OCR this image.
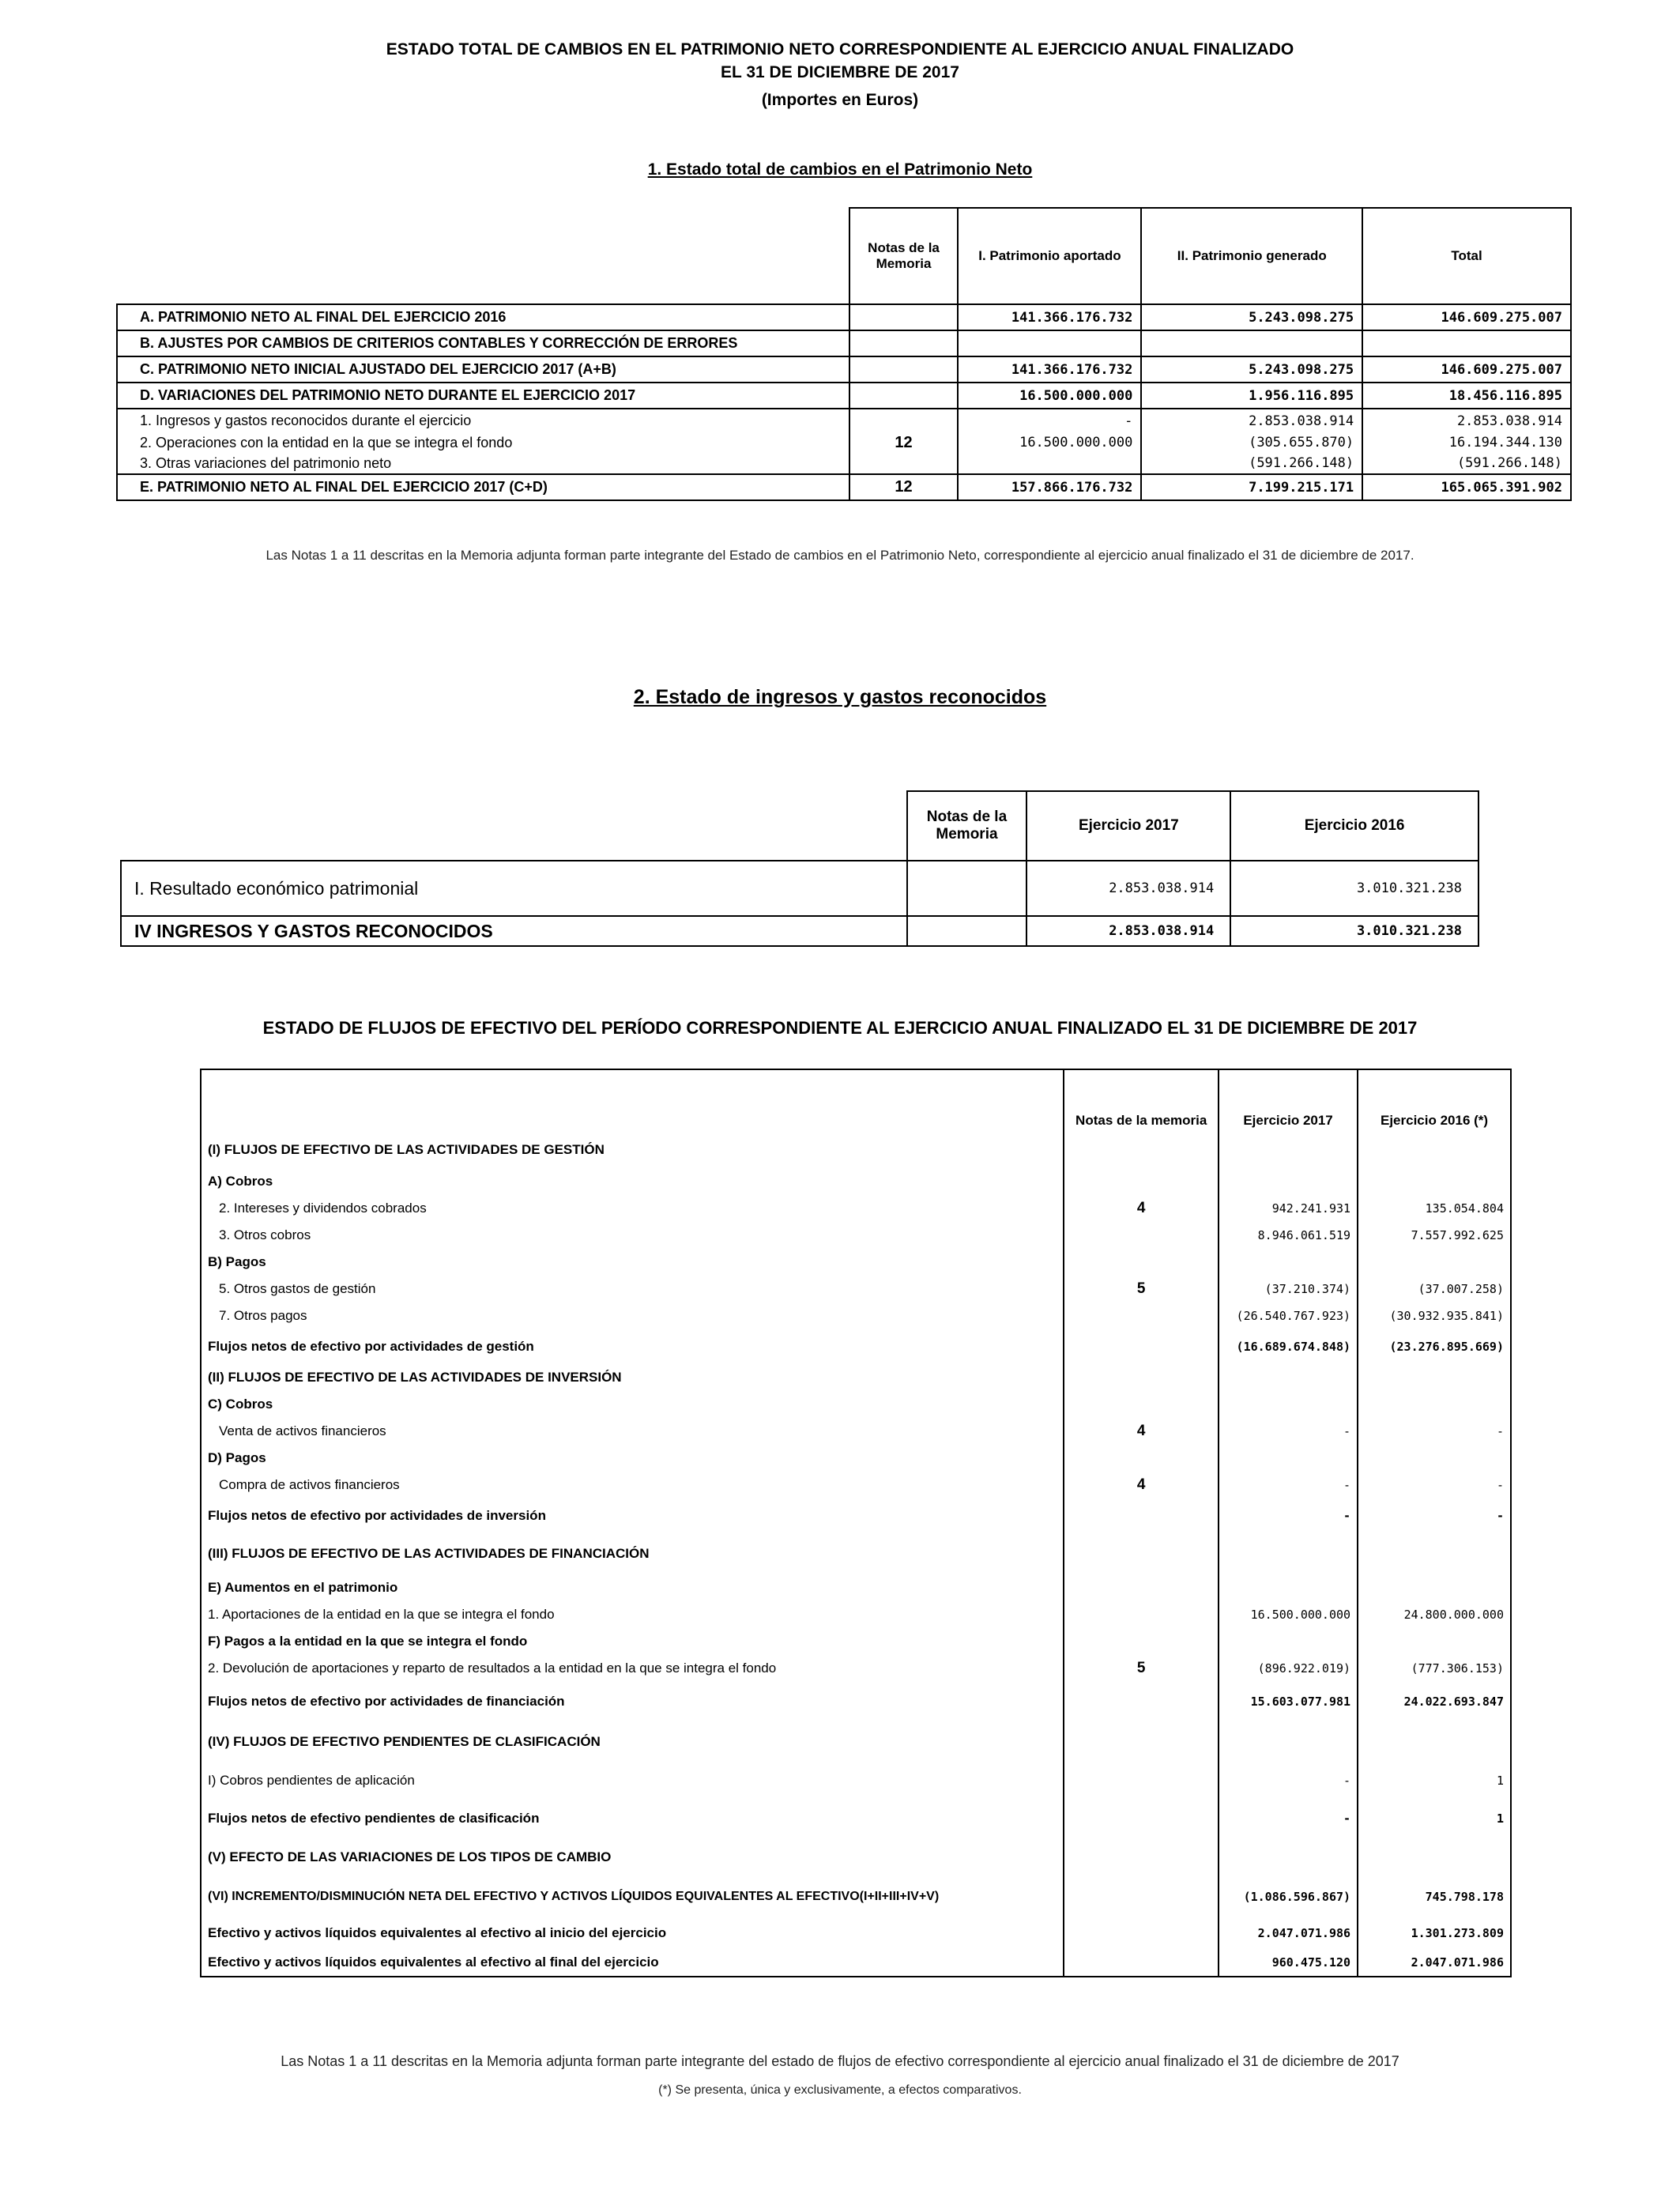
ESTADO TOTAL DE CAMBIOS EN EL PATRIMONIO NETO CORRESPONDIENTE AL EJERCICIO ANUAL FINALIZADO
EL 31 DE DICIEMBRE DE 2017
(Importes en Euros)
1. Estado total de cambios en el Patrimonio Neto
	Notas de la Memoria	I. Patrimonio aportado	II. Patrimonio generado	Total
A. PATRIMONIO NETO AL FINAL DEL EJERCICIO 2016		141.366.176.732	5.243.098.275	146.609.275.007
B. AJUSTES POR CAMBIOS DE CRITERIOS CONTABLES Y CORRECCIÓN DE ERRORES				
C. PATRIMONIO NETO INICIAL AJUSTADO DEL EJERCICIO 2017 (A+B)		141.366.176.732	5.243.098.275	146.609.275.007
D. VARIACIONES DEL PATRIMONIO NETO DURANTE EL EJERCICIO 2017		16.500.000.000	1.956.116.895	18.456.116.895
1. Ingresos y gastos reconocidos durante el ejercicio		-	2.853.038.914	2.853.038.914
2. Operaciones con la entidad en la que se integra el fondo	12	16.500.000.000	(305.655.870)	16.194.344.130
3. Otras variaciones del patrimonio neto			(591.266.148)	(591.266.148)
E. PATRIMONIO NETO AL FINAL DEL EJERCICIO 2017 (C+D)	12	157.866.176.732	7.199.215.171	165.065.391.902
Las Notas 1 a 11 descritas en la Memoria adjunta forman parte integrante del Estado de cambios en el Patrimonio Neto, correspondiente al ejercicio anual finalizado el 31 de diciembre de 2017.
2. Estado de ingresos y gastos reconocidos
	Notas de la Memoria	Ejercicio 2017	Ejercicio 2016
I. Resultado económico patrimonial		2.853.038.914	3.010.321.238
IV INGRESOS Y GASTOS RECONOCIDOS		2.853.038.914	3.010.321.238
ESTADO DE FLUJOS DE EFECTIVO DEL PERÍODO CORRESPONDIENTE AL EJERCICIO ANUAL FINALIZADO EL 31 DE DICIEMBRE DE 2017

	Notas de la memoria	Ejercicio 2017	Ejercicio 2016 (*)
(I) FLUJOS DE EFECTIVO DE LAS ACTIVIDADES DE GESTIÓN			
A) Cobros			
2. Intereses y dividendos cobrados	4	942.241.931	135.054.804
3. Otros cobros		8.946.061.519	7.557.992.625
B) Pagos			
5. Otros gastos de gestión	5	(37.210.374)	(37.007.258)
7. Otros pagos		(26.540.767.923)	(30.932.935.841)
Flujos netos de efectivo por actividades de gestión		(16.689.674.848)	(23.276.895.669)
(II) FLUJOS DE EFECTIVO DE LAS ACTIVIDADES DE INVERSIÓN			
C) Cobros			
Venta de activos financieros	4	-	-
D) Pagos			
Compra de activos financieros	4	-	-
Flujos netos de efectivo por actividades de inversión		-	-
(III) FLUJOS DE EFECTIVO DE LAS ACTIVIDADES DE FINANCIACIÓN			
E) Aumentos en el patrimonio			
1. Aportaciones de la entidad en la que se integra el fondo		16.500.000.000	24.800.000.000
F) Pagos a la entidad en la que se integra el fondo			
2. Devolución de aportaciones y reparto de resultados a la entidad en la que se integra el fondo	5	(896.922.019)	(777.306.153)
Flujos netos de efectivo por actividades de financiación		15.603.077.981	24.022.693.847
(IV) FLUJOS DE EFECTIVO PENDIENTES DE CLASIFICACIÓN			
I) Cobros pendientes de aplicación		-	1
Flujos netos de efectivo pendientes de clasificación		-	1
(V) EFECTO DE LAS VARIACIONES DE LOS TIPOS DE CAMBIO			
(VI) INCREMENTO/DISMINUCIÓN NETA DEL EFECTIVO Y ACTIVOS LÍQUIDOS EQUIVALENTES AL EFECTIVO(I+II+III+IV+V)		(1.086.596.867)	745.798.178
Efectivo y activos líquidos equivalentes al efectivo al inicio del ejercicio		2.047.071.986	1.301.273.809
Efectivo y activos líquidos equivalentes al efectivo al final del ejercicio		960.475.120	2.047.071.986
Las Notas 1 a 11 descritas en la Memoria adjunta forman parte integrante del estado de flujos de efectivo correspondiente al ejercicio anual finalizado el 31 de diciembre de 2017
(*) Se presenta, única y exclusivamente, a efectos comparativos.
